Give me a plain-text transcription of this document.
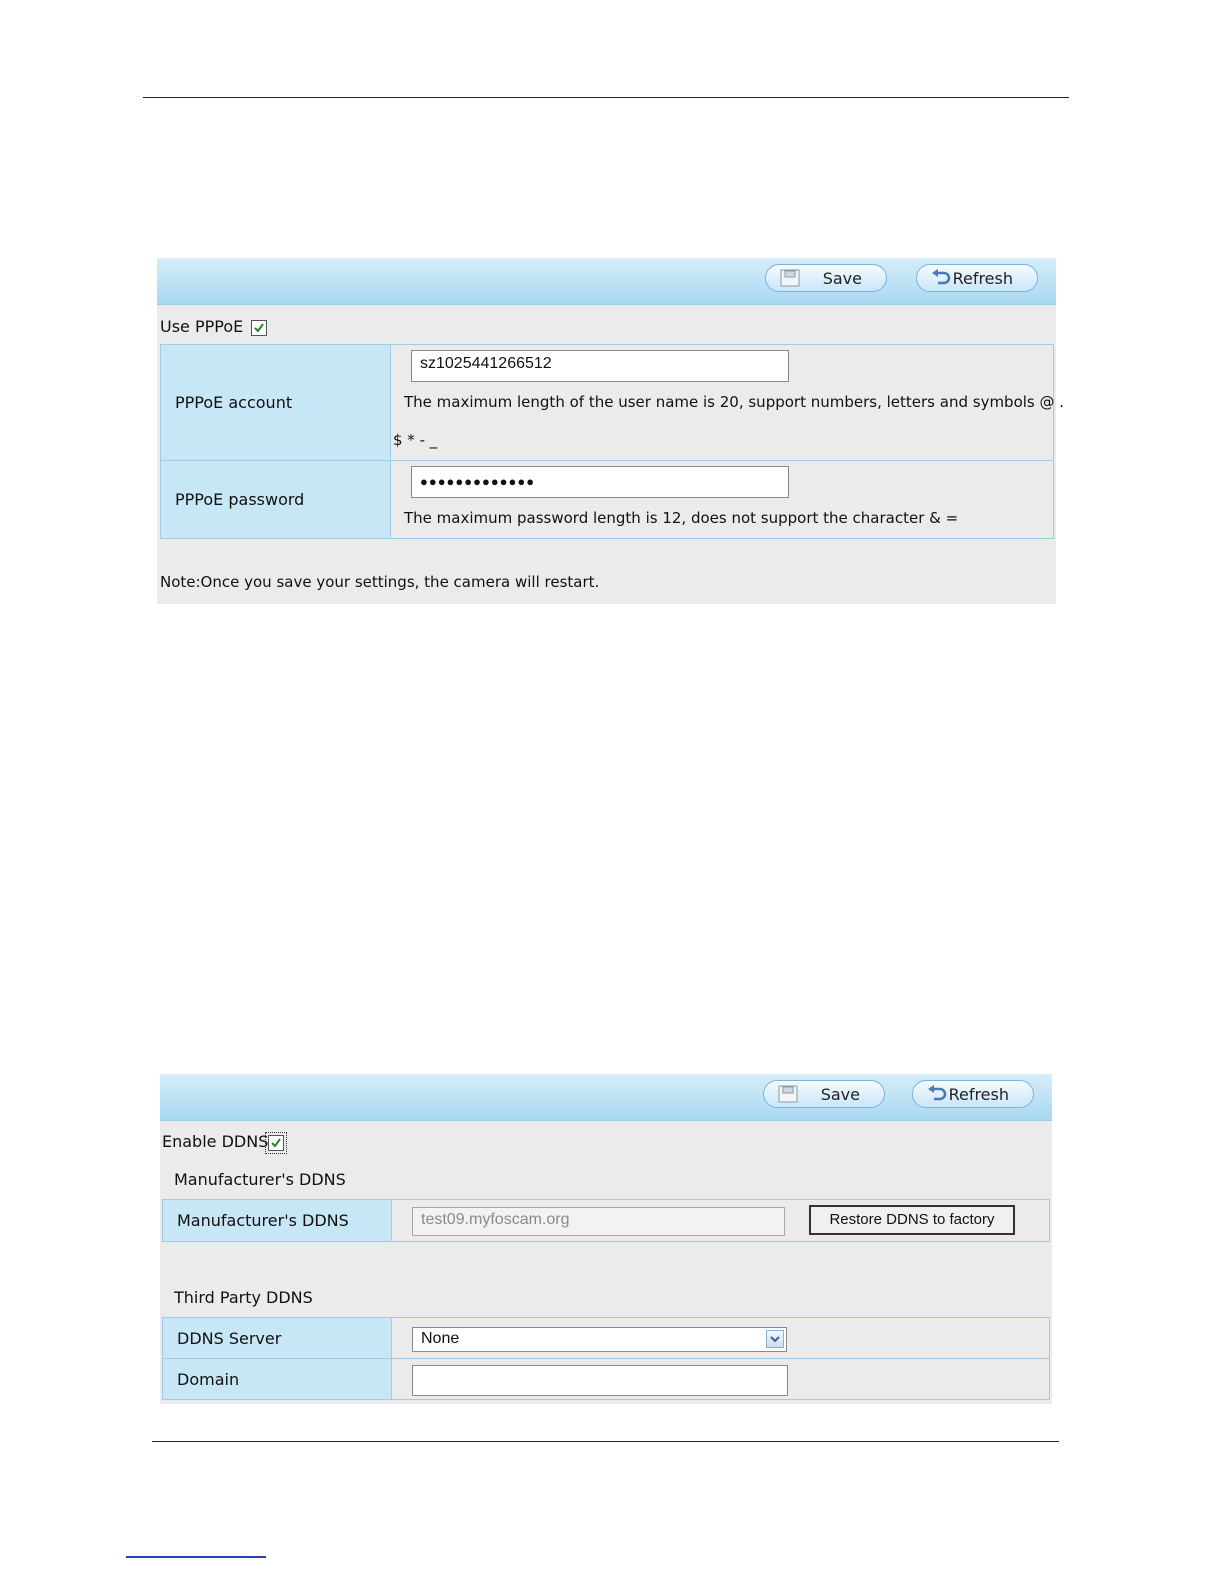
Save	Refresh
Use PPPoE
PPPoE account	sz1025441266512
The maximum length of the user name is 20, support numbers, letters and symbols @ .
$ * - _

PPPoE password	●●●●●●●●●●●●●
The maximum password length is 12, does not support the character & =
Note:Once you save your settings, the camera will restart.
Save	Refresh
Enable DDNS
Manufacturer's DDNS
Manufacturer's DDNS	test09.myfoscam.org	Restore DDNS to factory
Third Party DDNS
DDNS Server	None

Domain	
